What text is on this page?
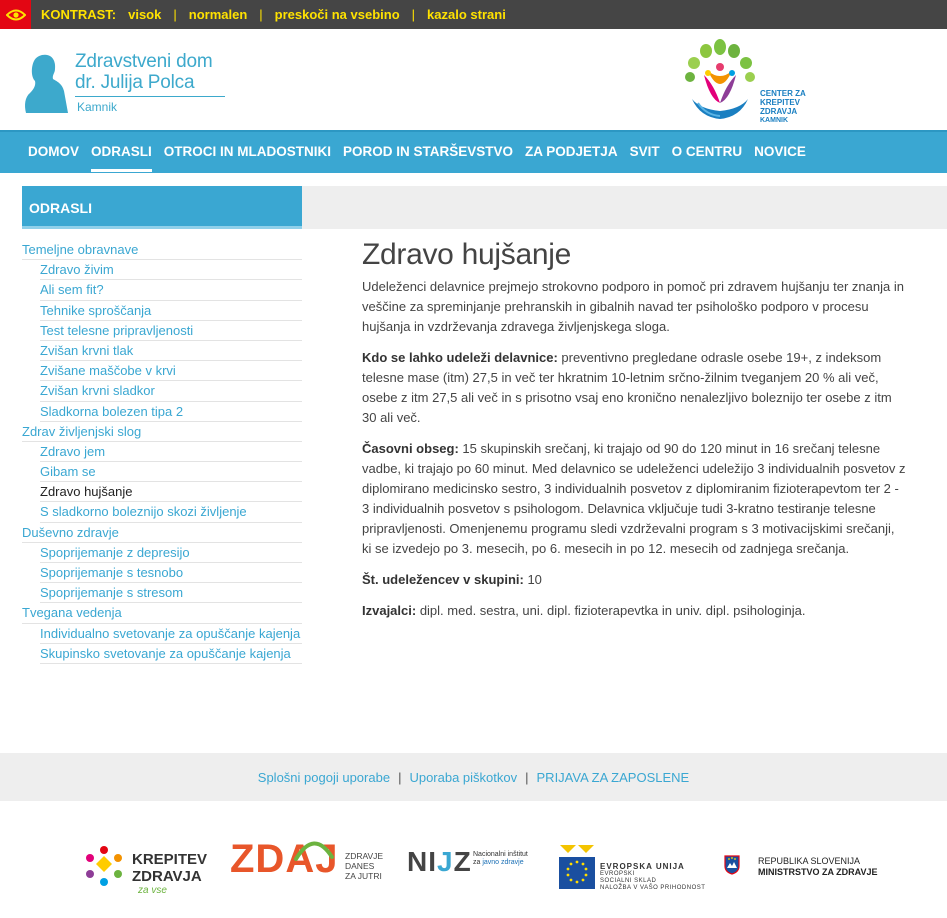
KONTRAST: visok | normalen | preskoči na vsebino | kazalo strani
Zdravstveni dom
dr. Julija Polca
Kamnik
CENTER ZA
KREPITEV
ZDRAVJA
KAMNIK
DOMOV ODRASLI OTROCI IN MLADOSTNIKI POROD IN STARŠEVSTVO ZA PODJETJA SVIT O CENTRU NOVICE
ODRASLI
Temeljne obravnave
Zdravo živim
Ali sem fit?
Tehnike sproščanja
Test telesne pripravljenosti
Zvišan krvni tlak
Zvišane maščobe v krvi
Zvišan krvni sladkor
Sladkorna bolezen tipa 2
Zdrav življenjski slog
Zdravo jem
Gibam se
Zdravo hujšanje
S sladkorno boleznijo skozi življenje
Duševno zdravje
Spoprijemanje z depresijo
Spoprijemanje s tesnobo
Spoprijemanje s stresom
Tvegana vedenja
Individualno svetovanje za opuščanje kajenja
Skupinsko svetovanje za opuščanje kajenja
Zdravo hujšanje

Udeleženci delavnice prejmejo strokovno podporo in pomoč pri zdravem hujšanju ter znanja in veščine za spreminjanje prehranskih in gibalnih navad ter psihološko podporo v procesu hujšanja in vzdrževanja zdravega življenjskega sloga.

Kdo se lahko udeleži delavnice: preventivno pregledane odrasle osebe 19+, z indeksom telesne mase (itm) 27,5 in več ter hkratnim 10-letnim srčno-žilnim tveganjem 20 % ali več, osebe z itm 27,5 ali več in s prisotno vsaj eno kronično nenalezljivo boleznijo ter osebe z itm 30 ali več.

Časovni obseg: 15 skupinskih srečanj, ki trajajo od 90 do 120 minut in 16 srečanj telesne vadbe, ki trajajo po 60 minut. Med delavnico se udeleženci udeležijo 3 individualnih posvetov z diplomirano medicinsko sestro, 3 individualnih posvetov z diplomiranim fizioterapevtom ter 2 - 3 individualnih posvetov s psihologom. Delavnica vključuje tudi 3-kratno testiranje telesne pripravljenosti. Omenjenemu programu sledi vzdrževalni program s 3 motivacijskimi srečanji, ki se izvedejo po 3. mesecih, po 6. mesecih in po 12. mesecih od zadnjega srečanja.

Št. udeležencev v skupini: 10

Izvajalci: dipl. med. sestra, uni. dipl. fizioterapevtka in univ. dipl. psihologinja.

Splošni pogoji uporabe | Uporaba piškotkov | PRIJAVA ZA ZAPOSLENE
KREPITEV
ZDRAVJA
za vse
ZDAJ ZDRAVJE
DANES
ZA JUTRI NIJZ Nacionalni inštitut
za javno zdravje	EVROPSKA UNIJA
EVROPSKI
SOCIALNI SKLAD
NALOŽBA V VAŠO PRIHODNOST
REPUBLIKA SLOVENIJA
MINISTRSTVO ZA ZDRAVJE
